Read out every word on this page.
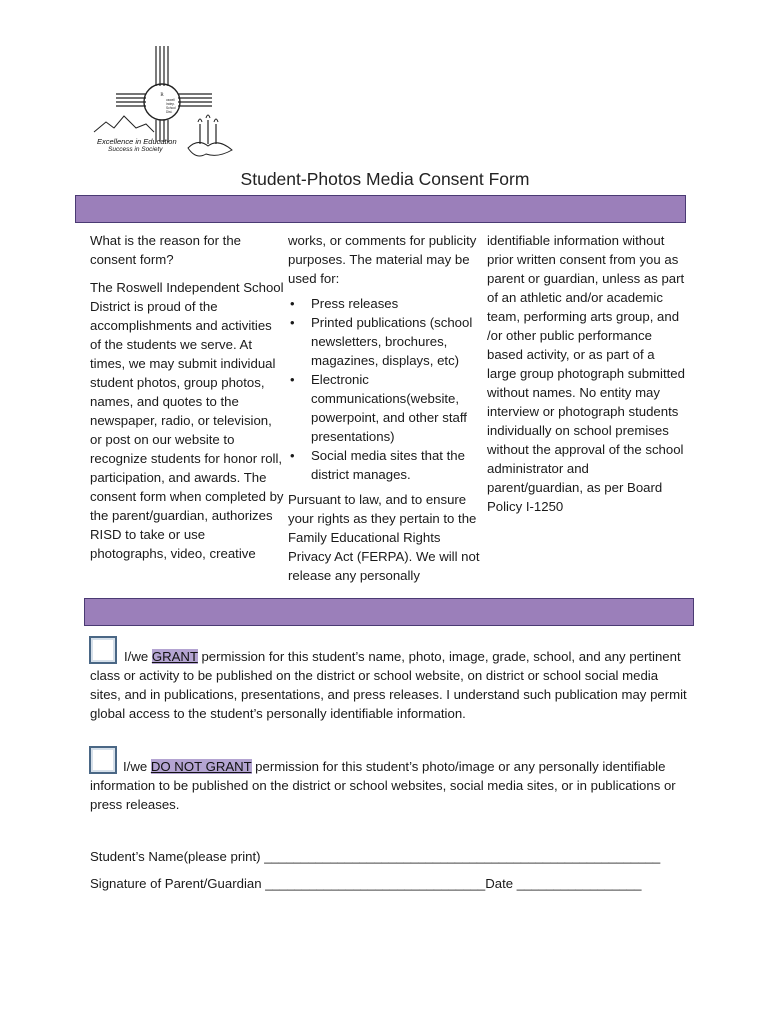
R
oswell
Indep.
School
Dist.
Excellence in Education
Success in Society
Student-Photos Media Consent Form
What is the reason for the consent form?
The Roswell Independent School District is proud of the accomplishments and activities of the students we serve. At times, we may submit individual student photos, group photos, names, and quotes to the newspaper, radio, or television, or post on our website to recognize students for honor roll, participation, and awards. The consent form when completed by the parent/guardian, authorizes RISD to take or use photographs, video, creative
works, or comments for publicity purposes. The material may be used for:
• Press releases
• Printed publications (school newsletters, brochures, magazines, displays, etc)
• Electronic communications(website, powerpoint, and other staff presentations)
• Social media sites that the district manages.
Pursuant to law, and to ensure your rights as they pertain to the Family Educational Rights Privacy Act (FERPA). We will not release any personally
identifiable information without prior written consent from you as parent or guardian, unless as part of an athletic and/or academic team, performing arts group, and /or other public performance based activity, or as part of a large group photograph submitted without names. No entity may interview or photograph students individually on school premises without the approval of the school administrator and parent/guardian, as per Board Policy I-1250
I/we GRANT permission for this student’s name, photo, image, grade, school, and any pertinent class or activity to be published on the district or school website, on district or school social media sites, and in publications, presentations, and press releases. I understand such publication may permit global access to the student’s personally identifiable information.
I/we DO NOT GRANT permission for this student’s photo/image or any personally identifiable information to be published on the district or school websites, social media sites, or in publications or press releases.
Student’s Name(please print) ______________________________________________________
Signature of Parent/Guardian ______________________________Date _________________
